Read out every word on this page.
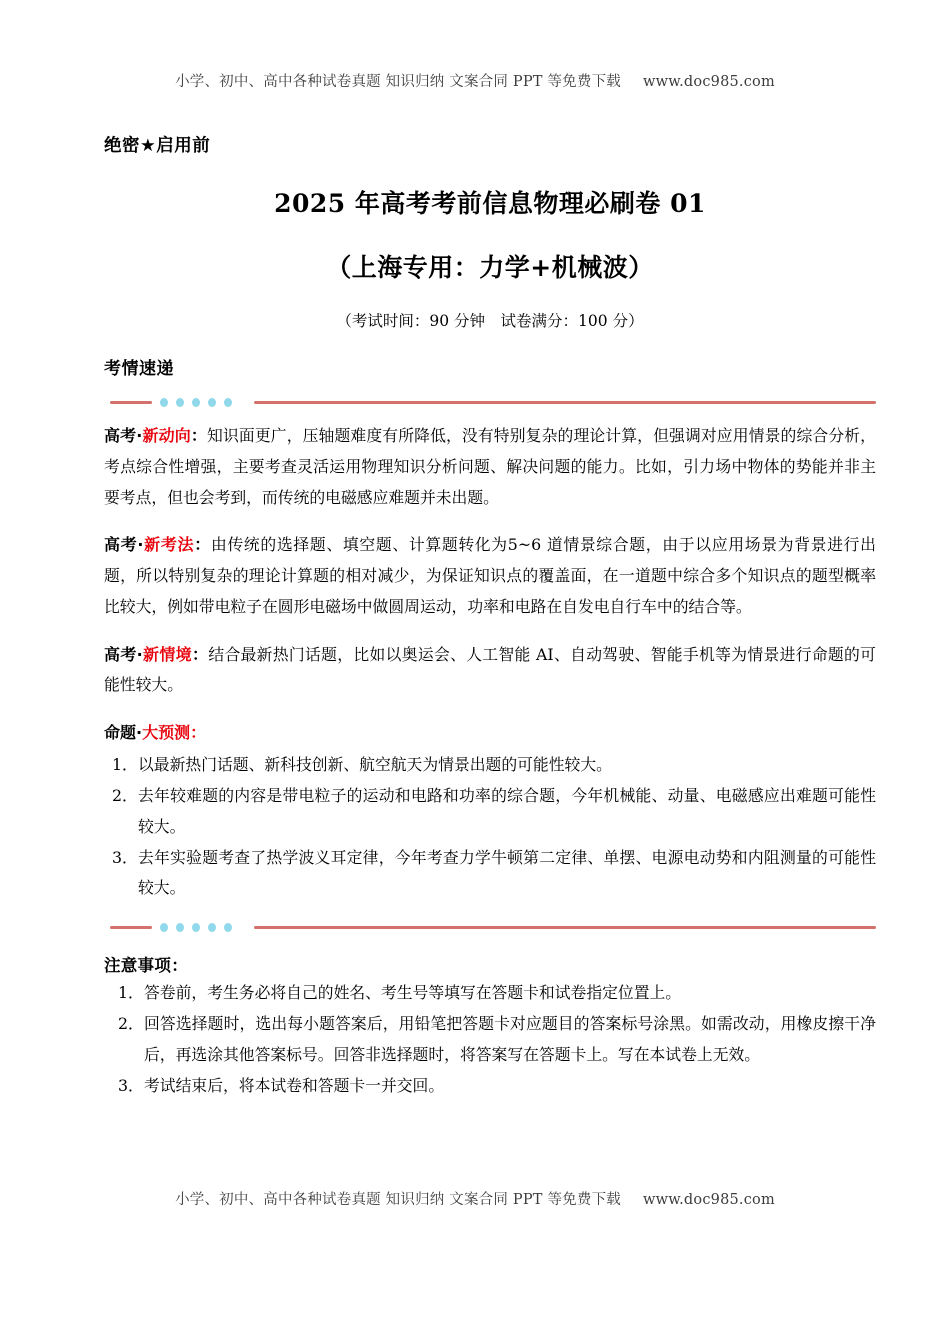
小学、初中、高中各种试卷真题 知识归纳 文案合同 PPT 等免费下载 www.doc985.com
绝密★启用前
2025 年高考考前信息物理必刷卷 01
（上海专用：力学+机械波）
（考试时间：90 分钟　试卷满分：100 分）
考情速递

高考·新动向：知识面更广，压轴题难度有所降低，没有特别复杂的理论计算，但强调对应用情景的综合分析，考点综合性增强，主要考查灵活运用物理知识分析问题、解决问题的能力。比如，引力场中物体的势能并非主要考点，但也会考到，而传统的电磁感应难题并未出题。

高考·新考法：由传统的选择题、填空题、计算题转化为5~6 道情景综合题，由于以应用场景为背景进行出题，所以特别复杂的理论计算题的相对减少，为保证知识点的覆盖面，在一道题中综合多个知识点的题型概率比较大，例如带电粒子在圆形电磁场中做圆周运动，功率和电路在自发电自行车中的结合等。

高考·新情境：结合最新热门话题，比如以奥运会、人工智能 AI、自动驾驶、智能手机等为情景进行命题的可能性较大。

命题·大预测：
1． 以最新热门话题、新科技创新、航空航天为情景出题的可能性较大。
2． 去年较难题的内容是带电粒子的运动和电路和功率的综合题，今年机械能、动量、电磁感应出难题可能性较大。
3． 去年实验题考查了热学波义耳定律，今年考查力学牛顿第二定律、单摆、电源电动势和内阻测量的可能性较大。
注意事项：
1． 答卷前，考生务必将自己的姓名、考生号等填写在答题卡和试卷指定位置上。
2． 回答选择题时，选出每小题答案后，用铅笔把答题卡对应题目的答案标号涂黑。如需改动，用橡皮擦干净后，再选涂其他答案标号。回答非选择题时，将答案写在答题卡上。写在本试卷上无效。
3． 考试结束后，将本试卷和答题卡一并交回。
小学、初中、高中各种试卷真题 知识归纳 文案合同 PPT 等免费下载 www.doc985.com
